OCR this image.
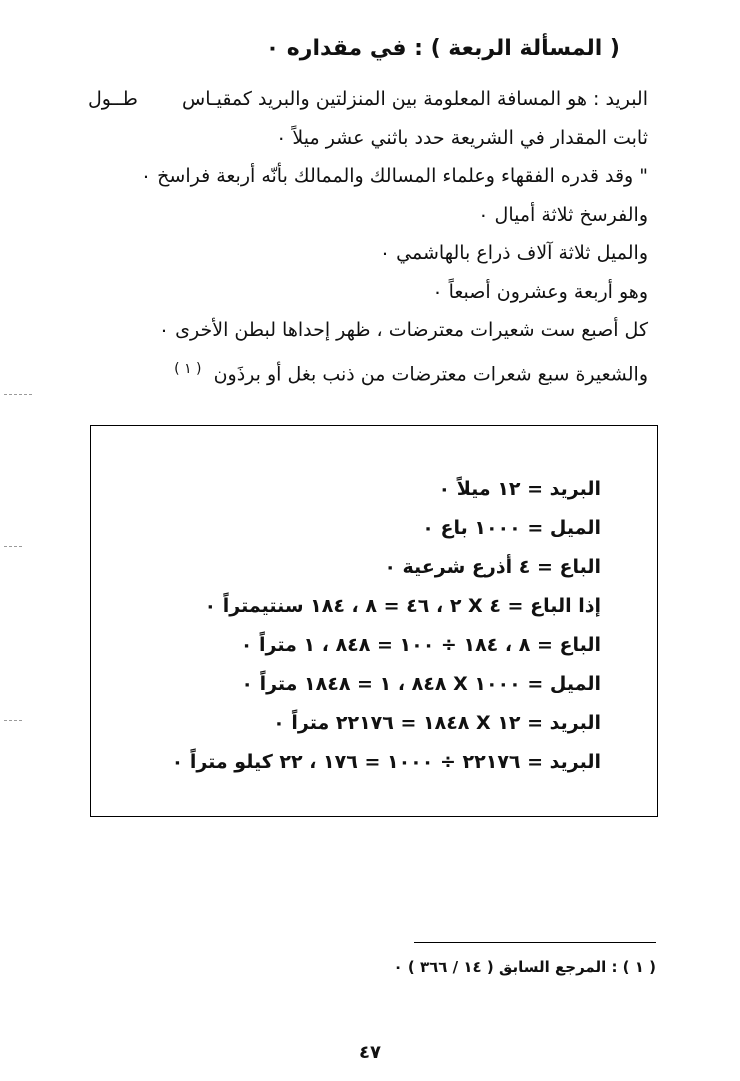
( المسألة الربعة ) : في مقداره ٠
البريد : هو المسافة المعلومة بين المنزلتين والبريد كمقيـاس
طــول
ثابت المقدار في الشريعة حدد باثني عشر ميلاً ٠
" وقد قدره الفقهاء وعلماء المسالك والممالك بأنّه أربعة فراسخ ٠
والفرسخ ثلاثة أميال ٠
والميل ثلاثة آلاف ذراع بالهاشمي ٠
وهو أربعة وعشرون أصبعاً ٠
كل أصبع ست شعيرات معترضات ، ظهر إحداها لبطن الأخرى ٠
والشعيرة سبع شعرات معترضات من ذنب بغل أو برذَون $^{( ١ )}$
البريد = ١٢ ميلاً ٠
الميل = ١٠٠٠ باع ٠
الباع = ٤ أذرع شرعية ٠
إذا الباع = ٤ X ٢ ، ٤٦ = ٨ ، ١٨٤ سنتيمتراً ٠
الباع = ٨ ، ١٨٤ ÷ ١٠٠ = ٨٤٨ ، ١ متراً ٠
الميل = ١٠٠٠ X ٨٤٨ ، ١ = ١٨٤٨ متراً ٠
البريد = ١٢ X ١٨٤٨ = ٢٢١٧٦ متراً ٠
البريد = ٢٢١٧٦ ÷ ١٠٠٠ = ١٧٦ ، ٢٢ كيلو متراً ٠
( ١ ) : المرجع السابق ( ١٤ / ٣٦٦ ) ٠
٤٧
